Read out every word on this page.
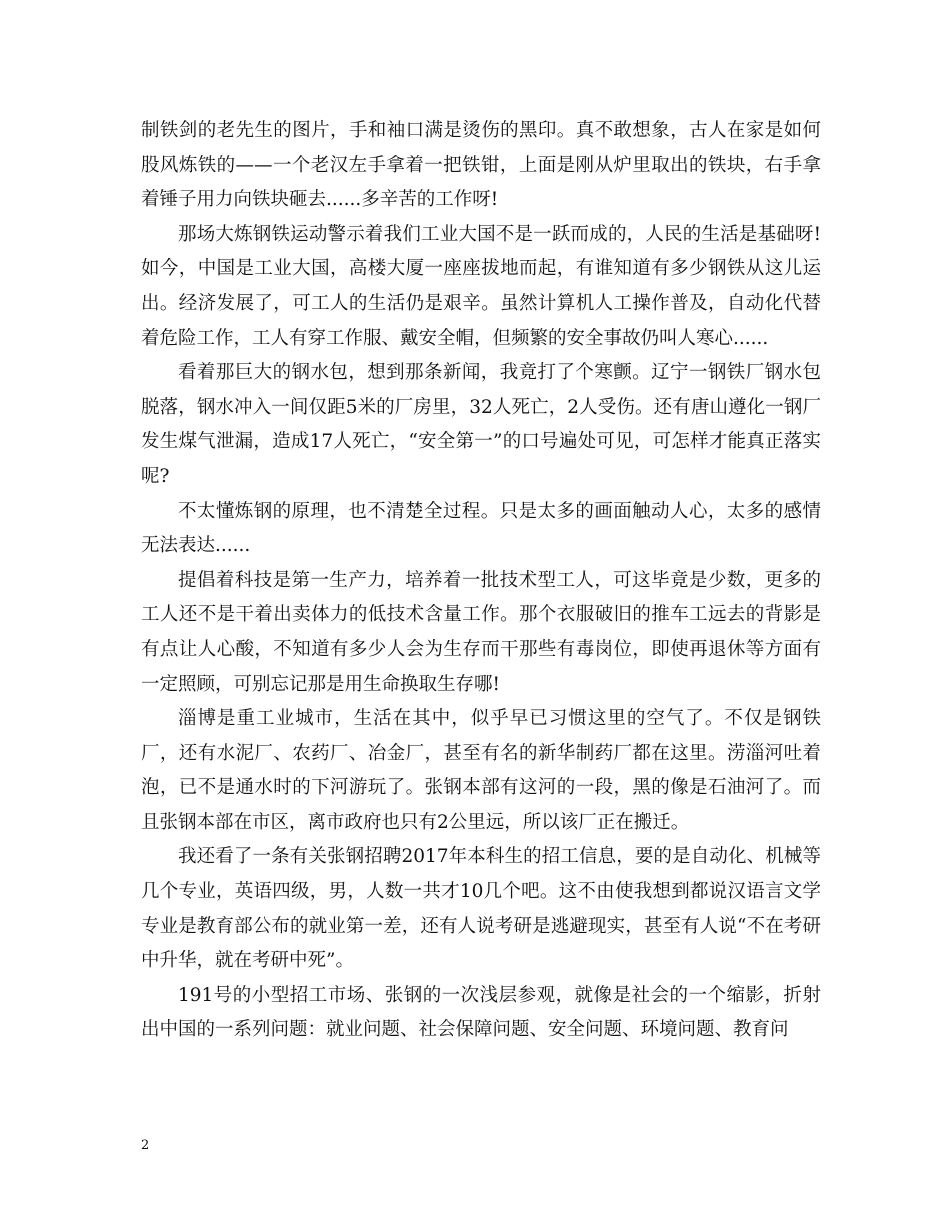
制铁剑的老先生的图片，手和袖口满是烫伤的黑印。真不敢想象，古人在家是如何股风炼铁的——一个老汉左手拿着一把铁钳，上面是刚从炉里取出的铁块，右手拿着锤子用力向铁块砸去......多辛苦的工作呀!

那场大炼钢铁运动警示着我们工业大国不是一跃而成的，人民的生活是基础呀!如今，中国是工业大国，高楼大厦一座座拔地而起，有谁知道有多少钢铁从这儿运出。经济发展了，可工人的生活仍是艰辛。虽然计算机人工操作普及，自动化代替着危险工作，工人有穿工作服、戴安全帽，但频繁的安全事故仍叫人寒心......

看着那巨大的钢水包，想到那条新闻，我竟打了个寒颤。辽宁一钢铁厂钢水包脱落，钢水冲入一间仅距5米的厂房里，32人死亡，2人受伤。还有唐山遵化一钢厂发生煤气泄漏，造成17人死亡，“安全第一”的口号遍处可见，可怎样才能真正落实呢?

不太懂炼钢的原理，也不清楚全过程。只是太多的画面触动人心，太多的感情无法表达......

提倡着科技是第一生产力，培养着一批技术型工人，可这毕竟是少数，更多的工人还不是干着出卖体力的低技术含量工作。那个衣服破旧的推车工远去的背影是有点让人心酸，不知道有多少人会为生存而干那些有毒岗位，即使再退休等方面有一定照顾，可别忘记那是用生命换取生存哪!

淄博是重工业城市，生活在其中，似乎早已习惯这里的空气了。不仅是钢铁厂，还有水泥厂、农药厂、冶金厂，甚至有名的新华制药厂都在这里。涝淄河吐着泡，已不是通水时的下河游玩了。张钢本部有这河的一段，黑的像是石油河了。而且张钢本部在市区，离市政府也只有2公里远，所以该厂正在搬迁。

我还看了一条有关张钢招聘2017年本科生的招工信息，要的是自动化、机械等几个专业，英语四级，男，人数一共才10几个吧。这不由使我想到都说汉语言文学专业是教育部公布的就业第一差，还有人说考研是逃避现实，甚至有人说“不在考研中升华，就在考研中死”。

191号的小型招工市场、张钢的一次浅层参观，就像是社会的一个缩影，折射出中国的一系列问题：就业问题、社会保障问题、安全问题、环境问题、教育问

2
